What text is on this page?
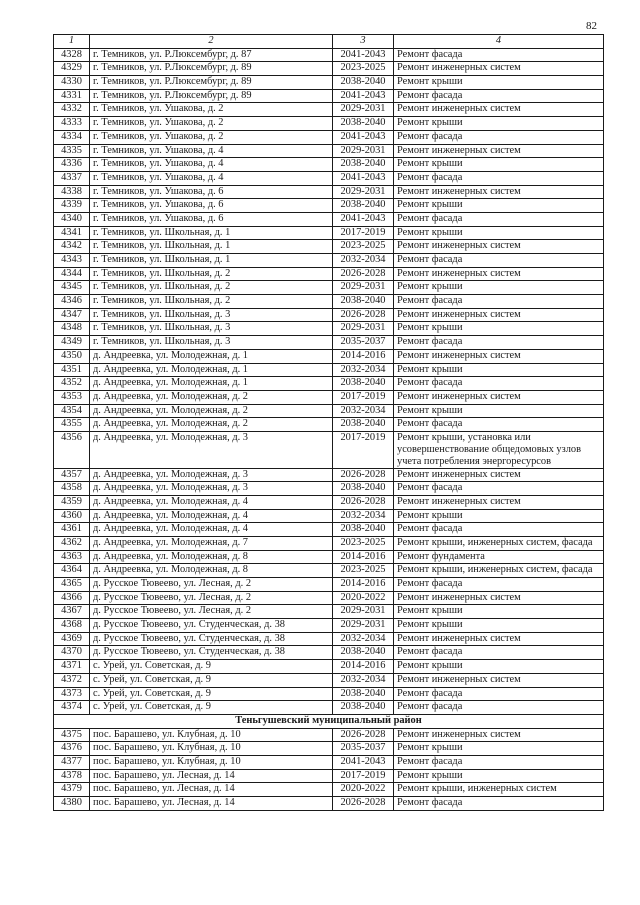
82
1	2	3	4
4328	г. Темников, ул. Р.Люксембург, д. 87	2041-2043	Ремонт фасада
4329	г. Темников, ул. Р.Люксембург, д. 89	2023-2025	Ремонт инженерных систем
4330	г. Темников, ул. Р.Люксембург, д. 89	2038-2040	Ремонт крыши
4331	г. Темников, ул. Р.Люксембург, д. 89	2041-2043	Ремонт фасада
4332	г. Темников, ул. Ушакова, д. 2	2029-2031	Ремонт инженерных систем
4333	г. Темников, ул. Ушакова, д. 2	2038-2040	Ремонт крыши
4334	г. Темников, ул. Ушакова, д. 2	2041-2043	Ремонт фасада
4335	г. Темников, ул. Ушакова, д. 4	2029-2031	Ремонт инженерных систем
4336	г. Темников, ул. Ушакова, д. 4	2038-2040	Ремонт крыши
4337	г. Темников, ул. Ушакова, д. 4	2041-2043	Ремонт фасада
4338	г. Темников, ул. Ушакова, д. 6	2029-2031	Ремонт инженерных систем
4339	г. Темников, ул. Ушакова, д. 6	2038-2040	Ремонт крыши
4340	г. Темников, ул. Ушакова, д. 6	2041-2043	Ремонт фасада
4341	г. Темников, ул. Школьная, д. 1	2017-2019	Ремонт крыши
4342	г. Темников, ул. Школьная, д. 1	2023-2025	Ремонт инженерных систем
4343	г. Темников, ул. Школьная, д. 1	2032-2034	Ремонт фасада
4344	г. Темников, ул. Школьная, д. 2	2026-2028	Ремонт инженерных систем
4345	г. Темников, ул. Школьная, д. 2	2029-2031	Ремонт крыши
4346	г. Темников, ул. Школьная, д. 2	2038-2040	Ремонт фасада
4347	г. Темников, ул. Школьная, д. 3	2026-2028	Ремонт инженерных систем
4348	г. Темников, ул. Школьная, д. 3	2029-2031	Ремонт крыши
4349	г. Темников, ул. Школьная, д. 3	2035-2037	Ремонт фасада
4350	д. Андреевка, ул. Молодежная, д. 1	2014-2016	Ремонт инженерных систем
4351	д. Андреевка, ул. Молодежная, д. 1	2032-2034	Ремонт крыши
4352	д. Андреевка, ул. Молодежная, д. 1	2038-2040	Ремонт фасада
4353	д. Андреевка, ул. Молодежная, д. 2	2017-2019	Ремонт инженерных систем
4354	д. Андреевка, ул. Молодежная, д. 2	2032-2034	Ремонт крыши
4355	д. Андреевка, ул. Молодежная, д. 2	2038-2040	Ремонт фасада
4356	д. Андреевка, ул. Молодежная, д. 3	2017-2019	Ремонт крыши, установка или усовершенствование общедомовых узлов учета потребления энергоресурсов
4357	д. Андреевка, ул. Молодежная, д. 3	2026-2028	Ремонт инженерных систем
4358	д. Андреевка, ул. Молодежная, д. 3	2038-2040	Ремонт фасада
4359	д. Андреевка, ул. Молодежная, д. 4	2026-2028	Ремонт инженерных систем
4360	д. Андреевка, ул. Молодежная, д. 4	2032-2034	Ремонт крыши
4361	д. Андреевка, ул. Молодежная, д. 4	2038-2040	Ремонт фасада
4362	д. Андреевка, ул. Молодежная, д. 7	2023-2025	Ремонт крыши, инженерных систем, фасада
4363	д. Андреевка, ул. Молодежная, д. 8	2014-2016	Ремонт фундамента
4364	д. Андреевка, ул. Молодежная, д. 8	2023-2025	Ремонт крыши, инженерных систем, фасада
4365	д. Русское Тювеево, ул. Лесная, д. 2	2014-2016	Ремонт фасада
4366	д. Русское Тювеево, ул. Лесная, д. 2	2020-2022	Ремонт инженерных систем
4367	д. Русское Тювеево, ул. Лесная, д. 2	2029-2031	Ремонт крыши
4368	д. Русское Тювеево, ул. Студенческая, д. 38	2029-2031	Ремонт крыши
4369	д. Русское Тювеево, ул. Студенческая, д. 38	2032-2034	Ремонт инженерных систем
4370	д. Русское Тювеево, ул. Студенческая, д. 38	2038-2040	Ремонт фасада
4371	с. Урей, ул. Советская, д. 9	2014-2016	Ремонт крыши
4372	с. Урей, ул. Советская, д. 9	2032-2034	Ремонт инженерных систем
4373	с. Урей, ул. Советская, д. 9	2038-2040	Ремонт фасада
4374	с. Урей, ул. Советская, д. 9	2038-2040	Ремонт фасада
Теньгушевский муниципальный район			
4375	пос. Барашево, ул. Клубная, д. 10	2026-2028	Ремонт инженерных систем
4376	пос. Барашево, ул. Клубная, д. 10	2035-2037	Ремонт крыши
4377	пос. Барашево, ул. Клубная, д. 10	2041-2043	Ремонт фасада
4378	пос. Барашево, ул. Лесная, д. 14	2017-2019	Ремонт крыши
4379	пос. Барашево, ул. Лесная, д. 14	2020-2022	Ремонт крыши, инженерных систем
4380	пос. Барашево, ул. Лесная, д. 14	2026-2028	Ремонт фасада
